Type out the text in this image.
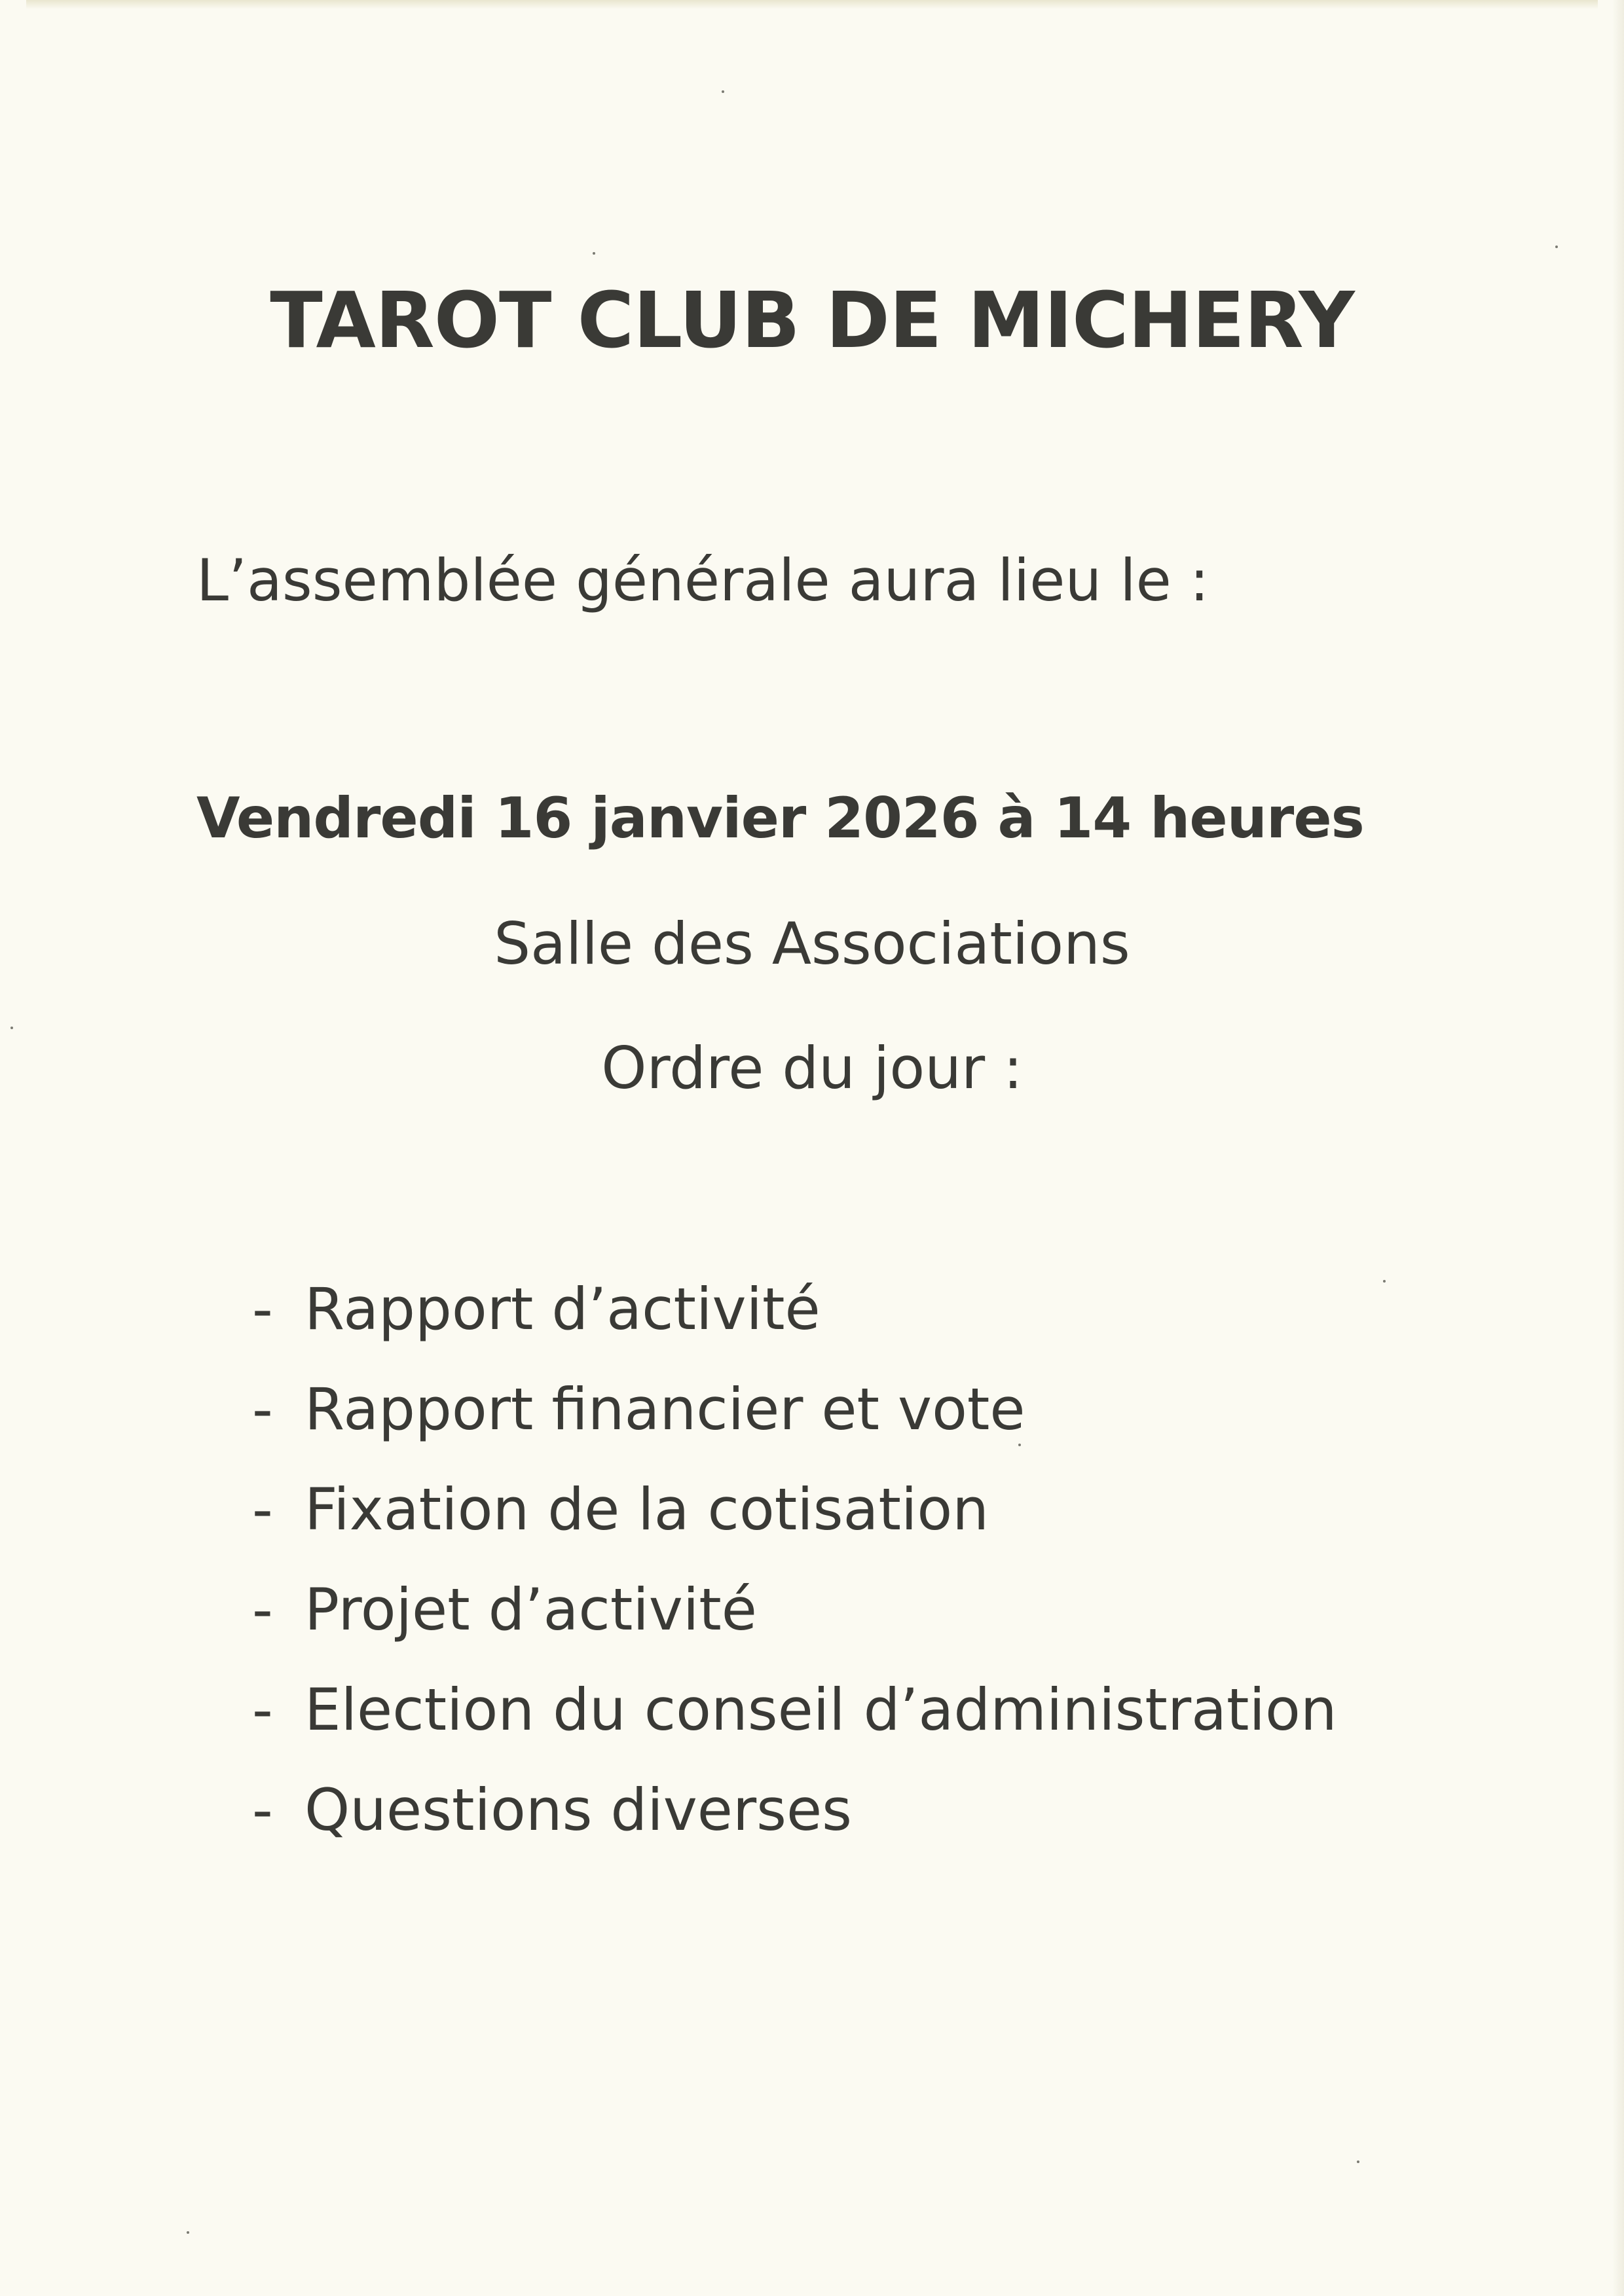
TAROT CLUB DE MICHERY
L’assemblée générale aura lieu le :
Vendredi 16 janvier 2026 à 14 heures
Salle des Associations
Ordre du jour :
- Rapport d’activité
- Rapport financier et vote
- Fixation de la cotisation
- Projet d’activité
- Election du conseil d’administration
- Questions diverses
